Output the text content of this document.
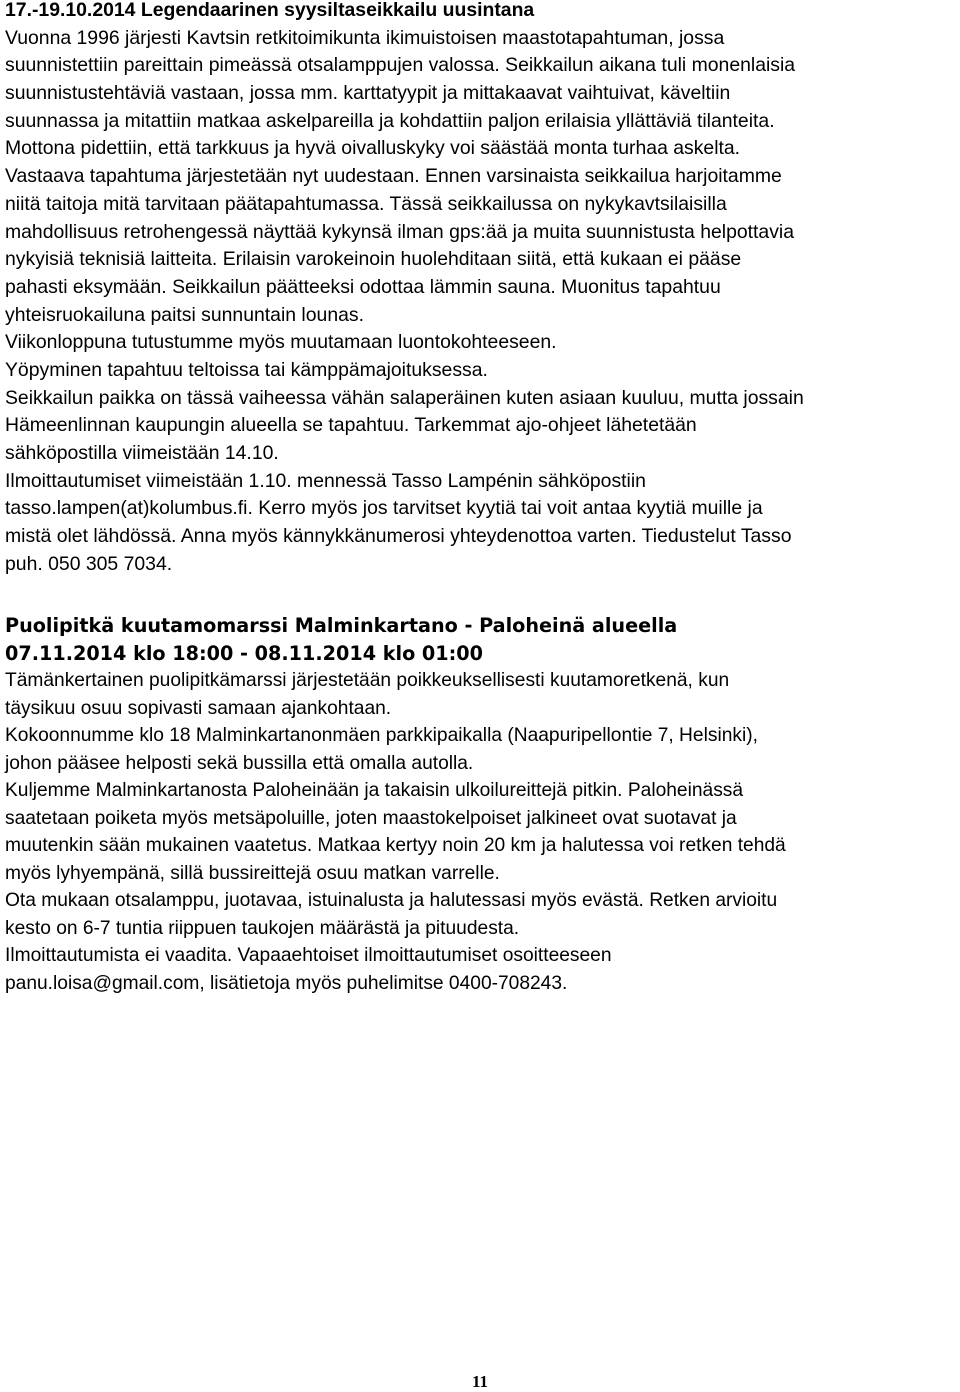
17.-19.10.2014 Legendaarinen syysiltaseikkailu uusintana
Vuonna 1996 järjesti Kavtsin retkitoimikunta ikimuistoisen maastotapahtuman, jossa
suunnistettiin pareittain pimeässä otsalamppujen valossa. Seikkailun aikana tuli monenlaisia
suunnistustehtäviä vastaan, jossa mm. karttatyypit ja mittakaavat vaihtuivat, käveltiin
suunnassa ja mitattiin matkaa askelpareilla ja kohdattiin paljon erilaisia yllättäviä tilanteita.
Mottona pidettiin, että tarkkuus ja hyvä oivalluskyky voi säästää monta turhaa askelta.
Vastaava tapahtuma järjestetään nyt uudestaan. Ennen varsinaista seikkailua harjoitamme
niitä taitoja mitä tarvitaan päätapahtumassa. Tässä seikkailussa on nykykavtsilaisilla
mahdollisuus retrohengessä näyttää kykynsä ilman gps:ää ja muita suunnistusta helpottavia
nykyisiä teknisiä laitteita. Erilaisin varokeinoin huolehditaan siitä, että kukaan ei pääse
pahasti eksymään. Seikkailun päätteeksi odottaa lämmin sauna. Muonitus tapahtuu
yhteisruokailuna paitsi sunnuntain lounas.
Viikonloppuna tutustumme myös muutamaan luontokohteeseen.
Yöpyminen tapahtuu teltoissa tai kämppämajoituksessa.
Seikkailun paikka on tässä vaiheessa vähän salaperäinen kuten asiaan kuuluu, mutta jossain
Hämeenlinnan kaupungin alueella se tapahtuu. Tarkemmat ajo-ohjeet lähetetään
sähköpostilla viimeistään 14.10.
Ilmoittautumiset viimeistään 1.10. mennessä Tasso Lampénin sähköpostiin
tasso.lampen(at)kolumbus.fi. Kerro myös jos tarvitset kyytiä tai voit antaa kyytiä muille ja
mistä olet lähdössä. Anna myös kännykkänumerosi yhteydenottoa varten. Tiedustelut Tasso
puh. 050 305 7034.
Puolipitkä kuutamomarssi Malminkartano - Paloheinä alueella
07.11.2014 klo 18:00 - 08.11.2014 klo 01:00
Tämänkertainen puolipitkämarssi järjestetään poikkeuksellisesti kuutamoretkenä, kun
täysikuu osuu sopivasti samaan ajankohtaan.
Kokoonnumme klo 18 Malminkartanonmäen parkkipaikalla (Naapuripellontie 7, Helsinki),
johon pääsee helposti sekä bussilla että omalla autolla.
Kuljemme Malminkartanosta Paloheinään ja takaisin ulkoilureittejä pitkin. Paloheinässä
saatetaan poiketa myös metsäpoluille, joten maastokelpoiset jalkineet ovat suotavat ja
muutenkin sään mukainen vaatetus. Matkaa kertyy noin 20 km ja halutessa voi retken tehdä
myös lyhyempänä, sillä bussireittejä osuu matkan varrelle.
Ota mukaan otsalamppu, juotavaa, istuinalusta ja halutessasi myös evästä. Retken arvioitu
kesto on 6-7 tuntia riippuen taukojen määrästä ja pituudesta.
Ilmoittautumista ei vaadita. Vapaaehtoiset ilmoittautumiset osoitteeseen
panu.loisa@gmail.com, lisätietoja myös puhelimitse 0400-708243.
11
